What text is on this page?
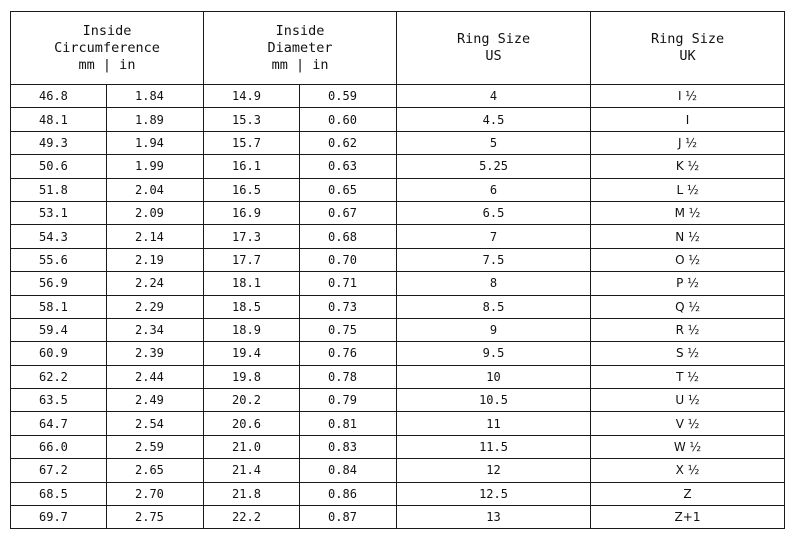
Inside
Circumference
mm | in		Inside
Diameter
mm | in		Ring Size
US	Ring Size
UK

46.8	1.84	14.9	0.59	4	I ½
48.1	1.89	15.3	0.60	4.5	I
49.3	1.94	15.7	0.62	5	J ½
50.6	1.99	16.1	0.63	5.25	K ½
51.8	2.04	16.5	0.65	6	L ½
53.1	2.09	16.9	0.67	6.5	M ½
54.3	2.14	17.3	0.68	7	N ½
55.6	2.19	17.7	0.70	7.5	O ½
56.9	2.24	18.1	0.71	8	P ½
58.1	2.29	18.5	0.73	8.5	Q ½
59.4	2.34	18.9	0.75	9	R ½
60.9	2.39	19.4	0.76	9.5	S ½
62.2	2.44	19.8	0.78	10	T ½
63.5	2.49	20.2	0.79	10.5	U ½
64.7	2.54	20.6	0.81	11	V ½
66.0	2.59	21.0	0.83	11.5	W ½
67.2	2.65	21.4	0.84	12	X ½
68.5	2.70	21.8	0.86	12.5	Z
69.7	2.75	22.2	0.87	13	Z+1
